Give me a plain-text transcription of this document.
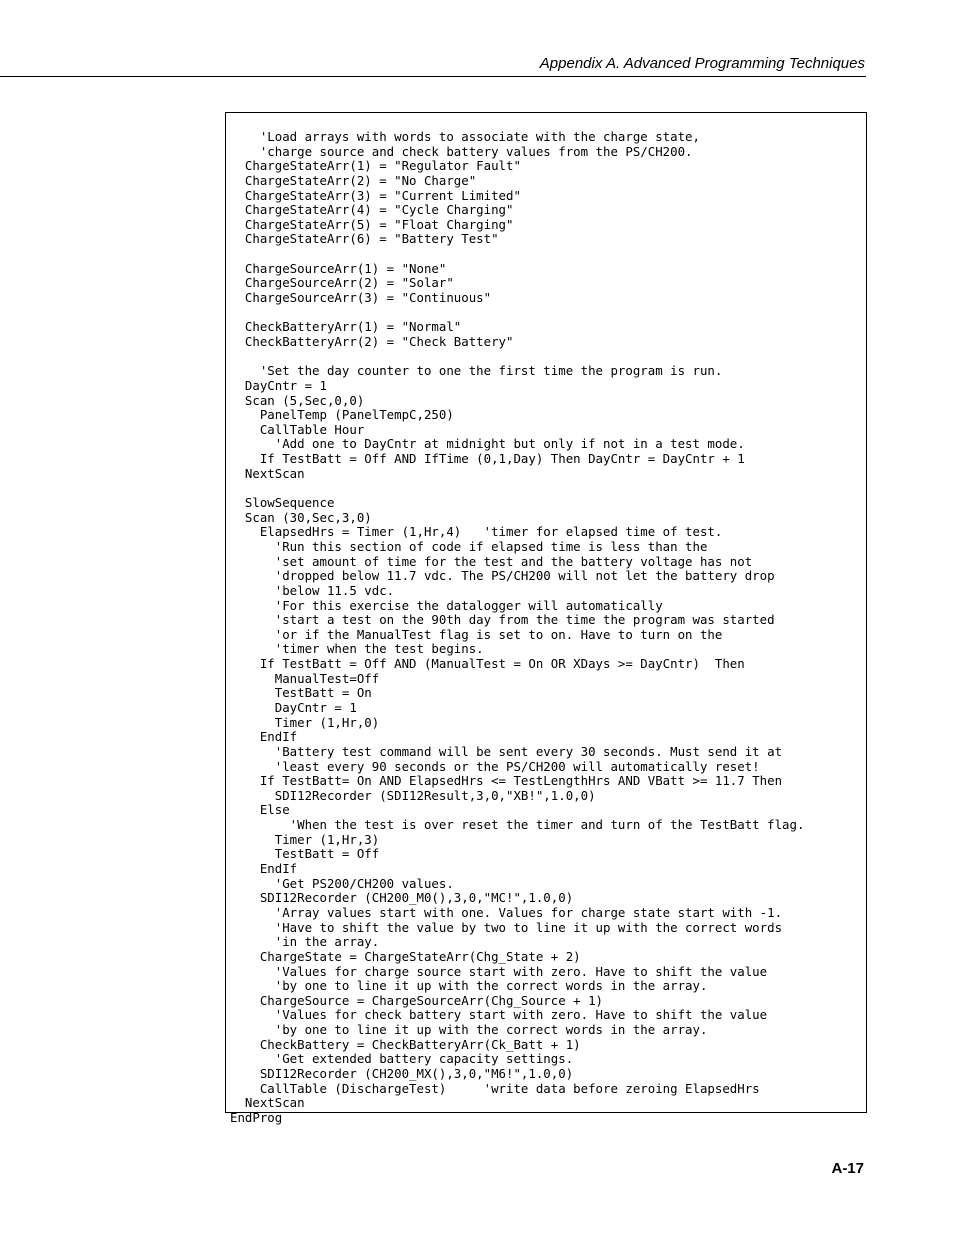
Appendix A. Advanced Programming Techniques
'Load arrays with words to associate with the charge state,
'charge source and check battery values from the PS/CH200.
ChargeStateArr(1) = "Regulator Fault"
ChargeStateArr(2) = "No Charge"
ChargeStateArr(3) = "Current Limited"
ChargeStateArr(4) = "Cycle Charging"
ChargeStateArr(5) = "Float Charging"
ChargeStateArr(6) = "Battery Test"
ChargeSourceArr(1) = "None"
ChargeSourceArr(2) = "Solar"
ChargeSourceArr(3) = "Continuous"
CheckBatteryArr(1) = "Normal"
CheckBatteryArr(2) = "Check Battery"
'Set the day counter to one the first time the program is run.
DayCntr = 1
Scan (5,Sec,0,0)
PanelTemp (PanelTempC,250)
CallTable Hour
'Add one to DayCntr at midnight but only if not in a test mode.
If TestBatt = Off AND IfTime (0,1,Day) Then DayCntr = DayCntr + 1
NextScan
SlowSequence
Scan (30,Sec,3,0)
ElapsedHrs = Timer (1,Hr,4)   'timer for elapsed time of test.
'Run this section of code if elapsed time is less than the
'set amount of time for the test and the battery voltage has not
'dropped below 11.7 vdc. The PS/CH200 will not let the battery drop
'below 11.5 vdc.
'For this exercise the datalogger will automatically
'start a test on the 90th day from the time the program was started
'or if the ManualTest flag is set to on. Have to turn on the
'timer when the test begins.
If TestBatt = Off AND (ManualTest = On OR XDays >= DayCntr)  Then
ManualTest=Off
TestBatt = On
DayCntr = 1
Timer (1,Hr,0)
EndIf
'Battery test command will be sent every 30 seconds. Must send it at
'least every 90 seconds or the PS/CH200 will automatically reset!
If TestBatt= On AND ElapsedHrs <= TestLengthHrs AND VBatt >= 11.7 Then
SDI12Recorder (SDI12Result,3,0,"XB!",1.0,0)
Else
'When the test is over reset the timer and turn of the TestBatt flag.
Timer (1,Hr,3)
TestBatt = Off
EndIf
'Get PS200/CH200 values.
SDI12Recorder (CH200_M0(),3,0,"MC!",1.0,0)
'Array values start with one. Values for charge state start with -1.
'Have to shift the value by two to line it up with the correct words
'in the array.
ChargeState = ChargeStateArr(Chg_State + 2)
'Values for charge source start with zero. Have to shift the value
'by one to line it up with the correct words in the array.
ChargeSource = ChargeSourceArr(Chg_Source + 1)
'Values for check battery start with zero. Have to shift the value
'by one to line it up with the correct words in the array.
CheckBattery = CheckBatteryArr(Ck_Batt + 1)
'Get extended battery capacity settings.
SDI12Recorder (CH200_MX(),3,0,"M6!",1.0,0)
CallTable (DischargeTest)     'write data before zeroing ElapsedHrs
NextScan
EndProg
A-17
